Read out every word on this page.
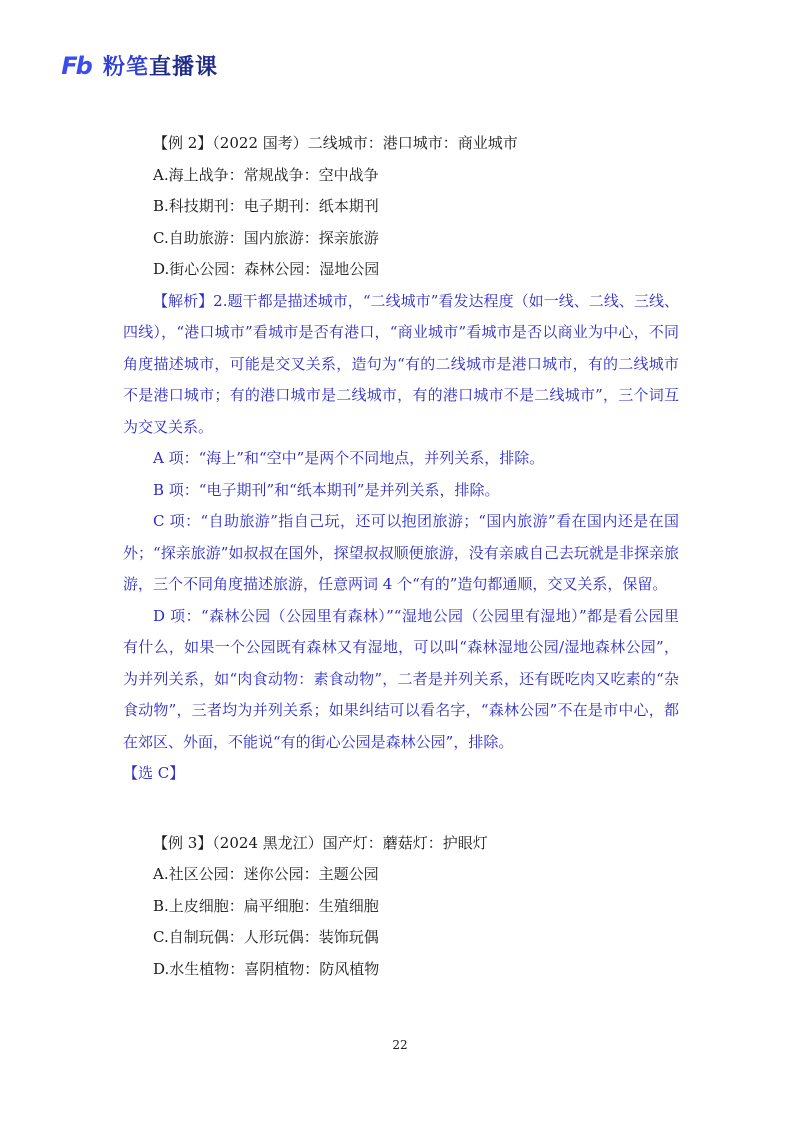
Fb 粉笔直播课
【例 2】（2022 国考）二线城市：港口城市：商业城市
A.海上战争：常规战争：空中战争
B.科技期刊：电子期刊：纸本期刊
C.自助旅游：国内旅游：探亲旅游
D.街心公园：森林公园：湿地公园
【解析】2.题干都是描述城市，“二线城市”看发达程度（如一线、二线、三线、四线），“港口城市”看城市是否有港口，“商业城市”看城市是否以商业为中心，不同角度描述城市，可能是交叉关系，造句为“有的二线城市是港口城市，有的二线城市不是港口城市；有的港口城市是二线城市，有的港口城市不是二线城市”，三个词互为交叉关系。
A 项：“海上”和“空中”是两个不同地点，并列关系，排除。
B 项：“电子期刊”和“纸本期刊”是并列关系，排除。
C 项：“自助旅游”指自己玩，还可以抱团旅游；“国内旅游”看在国内还是在国外；“探亲旅游”如叔叔在国外，探望叔叔顺便旅游，没有亲戚自己去玩就是非探亲旅游，三个不同角度描述旅游，任意两词 4 个“有的”造句都通顺，交叉关系，保留。
D 项：“森林公园（公园里有森林）”“湿地公园（公园里有湿地）”都是看公园里有什么，如果一个公园既有森林又有湿地，可以叫“森林湿地公园/湿地森林公园”，为并列关系，如“肉食动物：素食动物”，二者是并列关系，还有既吃肉又吃素的“杂食动物”，三者均为并列关系；如果纠结可以看名字，“森林公园”不在是市中心，都在郊区、外面，不能说“有的街心公园是森林公园”，排除。
【选 C】
【例 3】（2024 黑龙江）国产灯：蘑菇灯：护眼灯
A.社区公园：迷你公园：主题公园
B.上皮细胞：扁平细胞：生殖细胞
C.自制玩偶：人形玩偶：装饰玩偶
D.水生植物：喜阴植物：防风植物
22
